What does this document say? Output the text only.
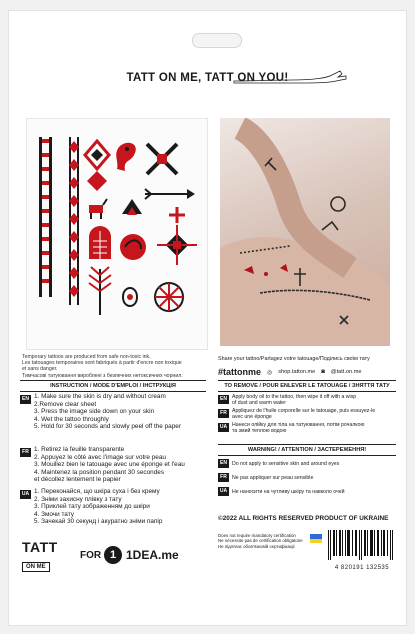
TATT ON ME, TATT ON YOU!
Temporary tattoos are produced from safe non-toxic ink.
Les tatouages temporaires sont fabriqués à partir d'encre non toxique
et sans danger.
Тимчасові татуювання вироблені з безпечних нетоксичних чорнил.
INSTRUCTION / MODE D'EMPLOI / ІНСТРУКЦІЯ
EN 1. Make sure the skin is dry and without cream
2.Remove clear sheet
3. Press the image side down on your skin
4. Wet the tattoo throughly
5. Hold for 30 seconds and slowly peel off the paper
FR 1. Retirez la feuille transparente
2. Appuyez le côté avec l'image sur votre peau
3. Mouillez bien le tatouage avec une éponge et l'eau
4. Maintenez la position pendant 30 secondes
et décollez lentement le papier
UA 1. Переконайся, що шкіра суха і без крему
2. Зніми захисну плівку з тату
3. Приклей тату зображенням до шкіри
4. Змочи тату
5. Зачекай 30 секунд і акуратно зніми папір
TATT
ON ME
FOR 1 1DEA.me
Share your tattoo/Partagez votre tatouage/Поділись своїм тату
#tattonme ◎ shop.tatton.me ◙ @tatt.on.me
TO REMOVE / POUR ENLEVER LE TATOUAGE / ЗНЯТТЯ ТАТУ
EN Apply body oil to the tattoo, then wipe it off with a wisp
of dust and warm water
FR Appliquez de l'huile corporelle sur le tatouage, puis essuyez-le
avec une éponge
UA Нанеси олійку для тіла на татуювання, потім рочалкою
та змий теплою водою
WARNING! / ATTENTION / ЗАСТЕРЕЖЕННЯ!
EN Do not apply to sensitive skin and around eyes
FR Ne pas appliquer sur peau sensible
UA Не наносити на чутливу шкіру та навколо очей
©2022 ALL RIGHTS RESERVED PRODUCT OF UKRAINE
Does not require mandatory certification
Ne nécessite pas de certification obligatoire
Не підлягає обов'язковій сертифікації
4 820191 132535
